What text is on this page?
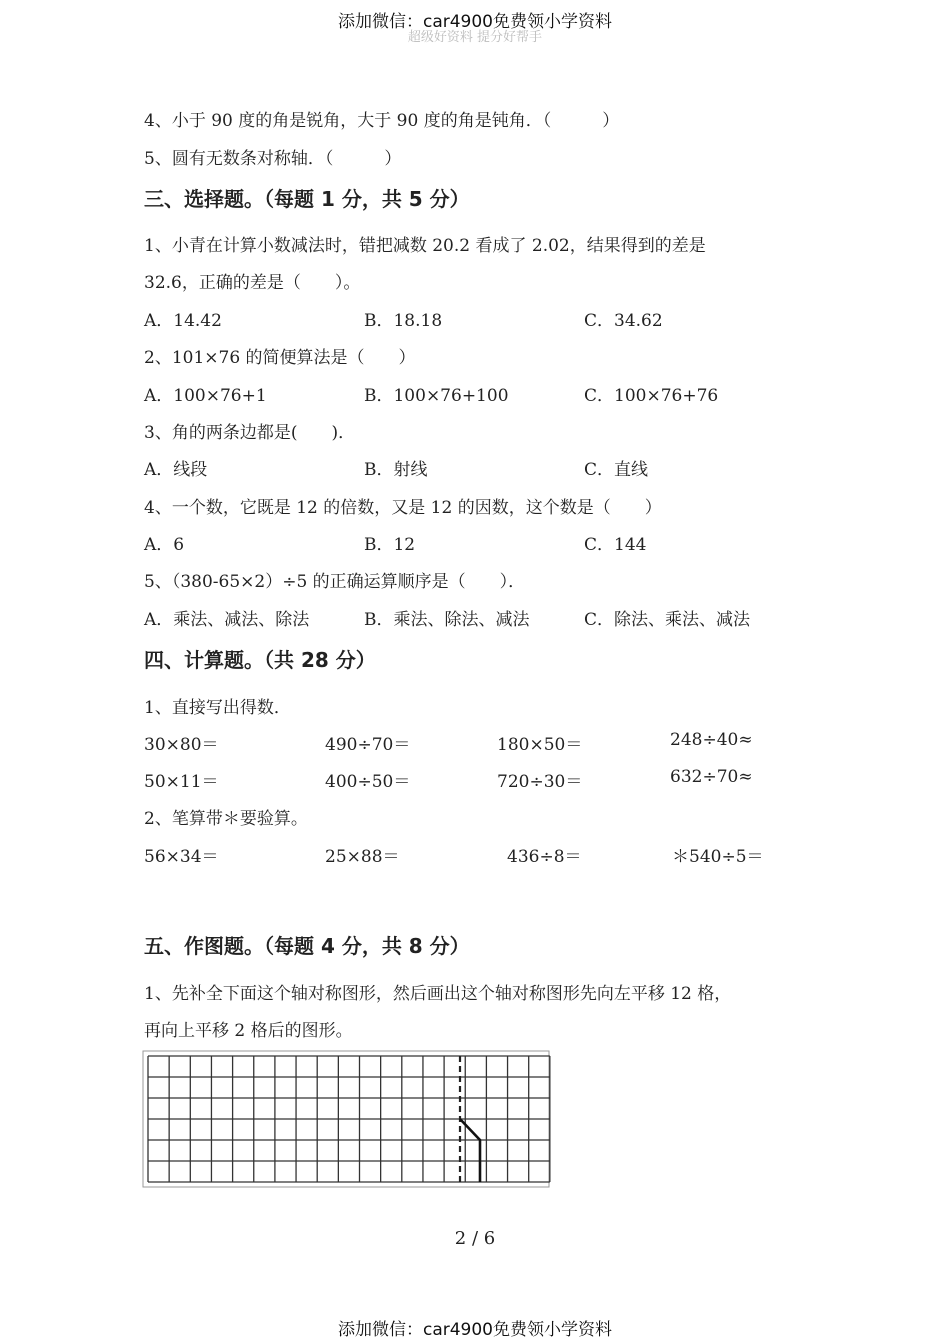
添加微信：car4900免费领小学资料
超级好资料 提分好帮手
4、小于 90 度的角是锐角，大于 90 度的角是钝角．（　　　）
5、圆有无数条对称轴．（　　　）
三、选择题。（每题 1 分，共 5 分）
1、小青在计算小数减法时，错把减数 20.2 看成了 2.02，结果得到的差是
32.6，正确的差是（　　）。
A．14.42	B．18.18	C．34.62
2、101×76 的简便算法是（　　）
A．100×76+1	B．100×76+100	C．100×76+76
3、角的两条边都是(　　)．
A．线段	B．射线	C．直线
4、一个数，它既是 12 的倍数，又是 12 的因数，这个数是（　　）
A．6	B．12	C．144
5、（380-65×2）÷5 的正确运算顺序是（　　）．
A．乘法、减法、除法	B．乘法、除法、减法	C．除法、乘法、减法
四、计算题。（共 28 分）
1、直接写出得数．
30×80＝	490÷70＝	180×50＝	248÷40≈
50×11＝	400÷50＝	720÷30＝	632÷70≈
2、笔算带＊要验算。
56×34＝	25×88＝	436÷8＝	＊540÷5＝
五、作图题。（每题 4 分，共 8 分）
1、先补全下面这个轴对称图形，然后画出这个轴对称图形先向左平移 12 格，
再向上平移 2 格后的图形。
2 / 6
添加微信：car4900免费领小学资料
